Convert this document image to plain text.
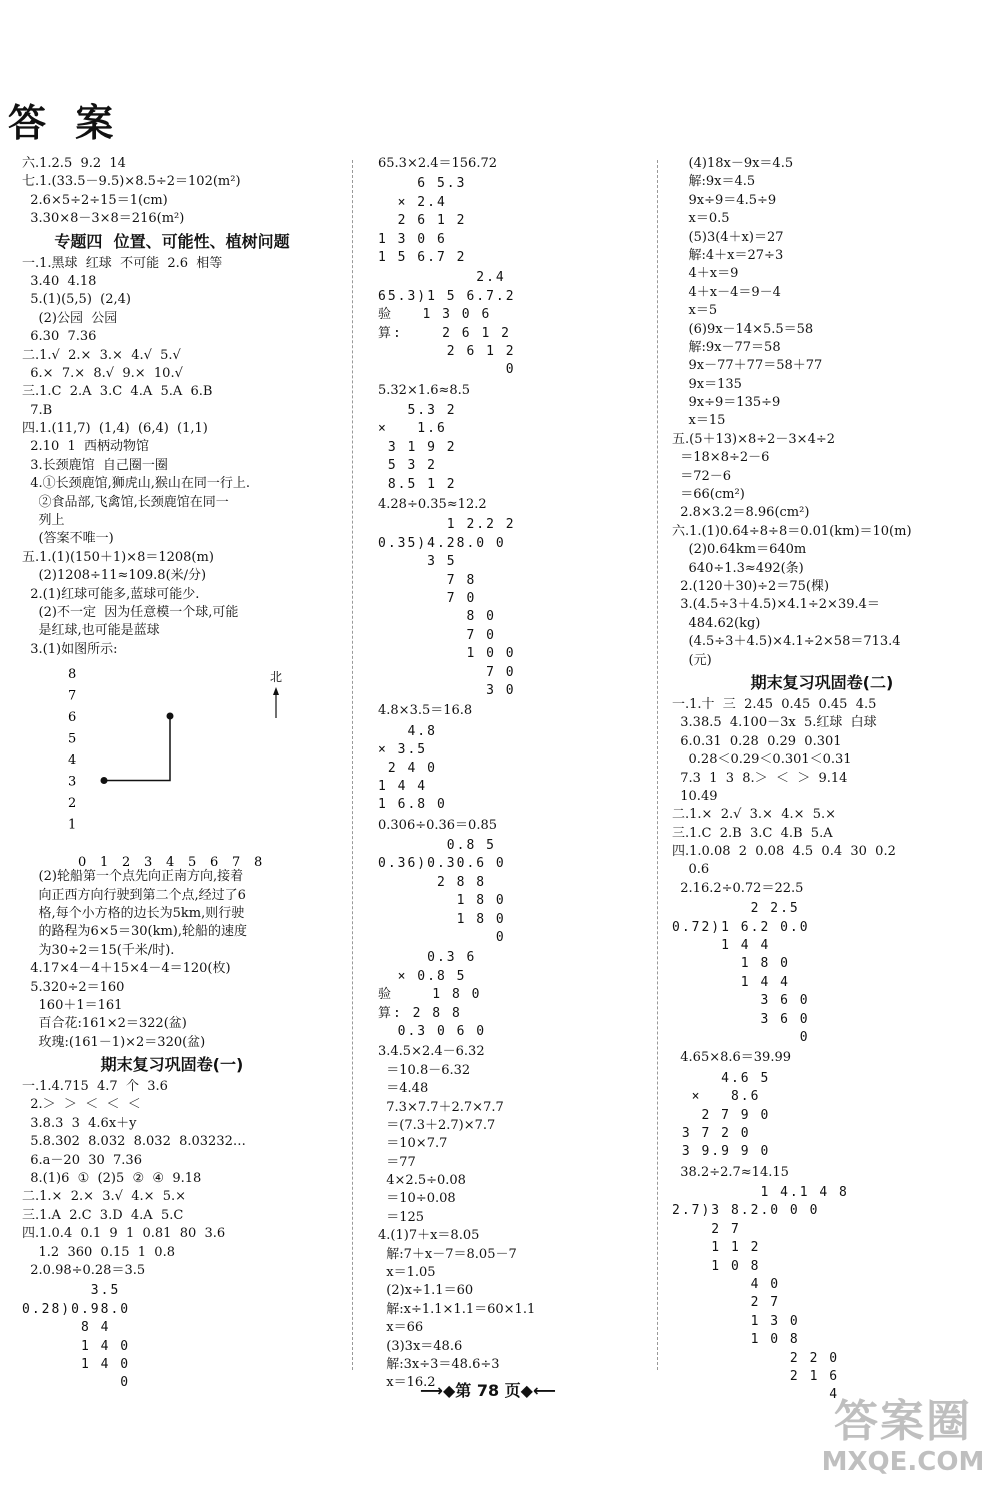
答 案
六.1.2.5  9.2  14
七.1.(33.5－9.5)×8.5÷2＝102(m²)
2.6×5÷2÷15＝1(cm)
3.30×8－3×8＝216(m²)
专题四  位置、可能性、植树问题
一.1.黑球  红球  不可能  2.6  相等
3.40  4.18
5.(1)(5,5)  (2,4)
(2)公园  公园
6.30  7.36
二.1.√  2.×  3.×  4.√  5.√
6.×  7.×  8.√  9.×  10.√
三.1.C  2.A  3.C  4.A  5.A  6.B
7.B
四.1.(11,7)  (1,4)  (6,4)  (1,1)
2.10  1  西柄动物馆
3.长颈鹿馆  自己圈一圈
4.①长颈鹿馆,狮虎山,猴山在同一行上.
②食品部,飞禽馆,长颈鹿馆在同一
列上
(答案不唯一)
五.1.(1)(150＋1)×8＝1208(m)
(2)1208÷11≈109.8(米/分)
2.(1)红球可能多,蓝球可能少.
(2)不一定  因为任意模一个球,可能
是红球,也可能是蓝球
3.(1)如图所示:
8
7
6
5
4
3
2
1
0 1 2 3 4 5 6 7 8
北
(2)轮船第一个点先向正南方向,接着
向正西方向行驶到第二个点,经过了6
格,每个小方格的边长为5km,则行驶
的路程为6×5＝30(km),轮船的速度
为30÷2＝15(千米/时).
4.17×4－4＋15×4－4＝120(枚)
5.320÷2＝160
160＋1＝161
百合花:161×2＝322(盆)
玫瑰:(161－1)×2＝320(盆)
期末复习巩固卷(一)
一.1.4.715  4.7  个  3.6
2.＞  ＞  ＜  ＜  ＜
3.8.3  3  4.6x＋y
5.8.302  8.032  8.032  8.03232…
6.a－20  30  7.36
8.(1)6  ①  (2)5  ②  ④  9.18
二.1.×  2.×  3.√  4.×  5.×
三.1.A  2.C  3.D  4.A  5.C
四.1.0.4  0.1  9  1  0.81  80  3.6
1.2  360  0.15  1  0.8
2.0.98÷0.28＝3.5
3.5
0.28)0.98.0
8 4
1 4 0
1 4 0
0
65.3×2.4＝156.72
6 5.3
× 2.4
2 6 1 2
1 3 0 6
1 5 6.7 2
2.4
65.3)1 5 6.7.2
验   1 3 0 6
算:    2 6 1 2
2 6 1 2
0
5.32×1.6≈8.5
5.3 2
×   1.6
3 1 9 2
5 3 2
8.5 1 2
4.28÷0.35≈12.2
1 2.2 2
0.35)4.28.0 0
3 5
7 8
7 0
8 0
7 0
1 0 0
7 0
3 0
4.8×3.5＝16.8
4.8
× 3.5
2 4 0
1 4 4
1 6.8 0
0.306÷0.36＝0.85
0.8 5
0.36)0.30.6 0
2 8 8
1 8 0
1 8 0
0
0.3 6
× 0.8 5
验    1 8 0
算: 2 8 8
0.3 0 6 0
3.4.5×2.4－6.32
＝10.8－6.32
＝4.48
7.3×7.7＋2.7×7.7
＝(7.3＋2.7)×7.7
＝10×7.7
＝77
4×2.5÷0.08
＝10÷0.08
＝125
4.(1)7＋x＝8.05
解:7＋x－7＝8.05－7
x＝1.05
(2)x÷1.1＝60
解:x÷1.1×1.1＝60×1.1
x＝66
(3)3x＝48.6
解:3x÷3＝48.6÷3
x＝16.2
(4)18x－9x＝4.5
解:9x＝4.5
9x÷9＝4.5÷9
x＝0.5
(5)3(4＋x)＝27
解:4＋x＝27÷3
4＋x＝9
4＋x－4＝9－4
x＝5
(6)9x－14×5.5＝58
解:9x－77＝58
9x－77＋77＝58＋77
9x＝135
9x÷9＝135÷9
x＝15
五.(5＋13)×8÷2－3×4÷2
＝18×8÷2－6
＝72－6
＝66(cm²)
2.8×3.2＝8.96(cm²)
六.1.(1)0.64÷8÷8＝0.01(km)＝10(m)
(2)0.64km＝640m
640÷1.3≈492(条)
2.(120＋30)÷2＝75(棵)
3.(4.5÷3＋4.5)×4.1÷2×39.4＝
484.62(kg)
(4.5÷3＋4.5)×4.1÷2×58＝713.4
(元)
期末复习巩固卷(二)
一.1.十  三  2.45  0.45  0.45  4.5
3.38.5  4.100－3x  5.红球  白球
6.0.31  0.28  0.29  0.301
0.28＜0.29＜0.301＜0.31
7.3  1  3  8.＞  ＜  ＞  9.14
10.49
二.1.×  2.√  3.×  4.×  5.×
三.1.C  2.B  3.C  4.B  5.A
四.1.0.08  2  0.08  4.5  0.4  30  0.2
0.6
2.16.2÷0.72＝22.5
2 2.5
0.72)1 6.2 0.0
1 4 4
1 8 0
1 4 4
3 6 0
3 6 0
0
4.65×8.6＝39.99
4.6 5
×   8.6
2 7 9 0
3 7 2 0
3 9.9 9 0
38.2÷2.7≈14.15
1 4.1 4 8
2.7)3 8.2.0 0 0
2 7
1 1 2
1 0 8
4 0
2 7
1 3 0
1 0 8
2 2 0
2 1 6
4
⟶◆第 78 页◆⟵
答案圈
MXQE.COM
